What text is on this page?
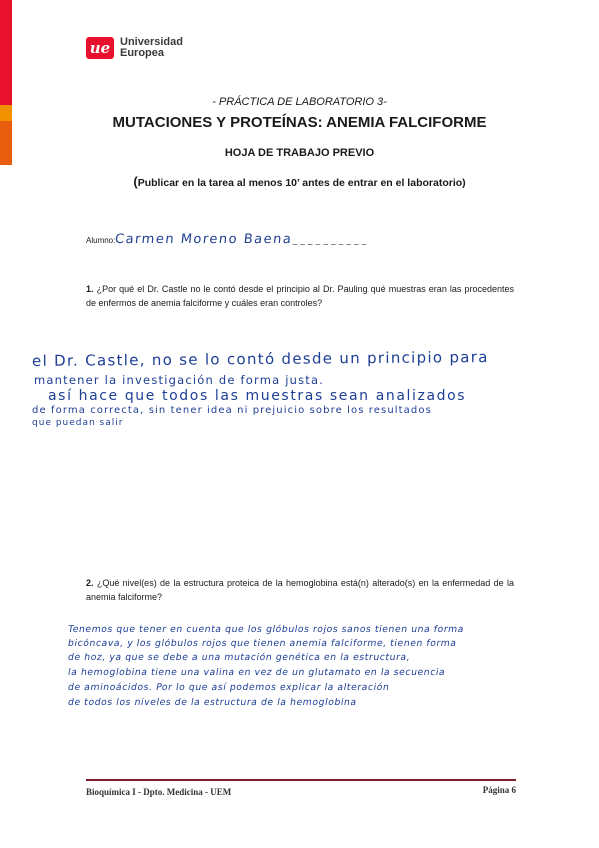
ue Universidad
Europea
- PRÁCTICA DE LABORATORIO 3-
MUTACIONES Y PROTEÍNAS: ANEMIA FALCIFORME
HOJA DE TRABAJO PREVIO
(Publicar en la tarea al menos 10’ antes de entrar en el laboratorio)
Alumno: Carmen Moreno Baena _ _ _ _ _ _ _ _ _ _
1. ¿Por qué el Dr. Castle no le contó desde el principio al Dr. Pauling qué muestras eran las procedentes de enfermos de anemia falciforme y cuáles eran controles?
el Dr. Castle, no se lo contó desde un principio para
mantener la investigación de forma justa.
así hace que todos las muestras sean analizados
de forma correcta, sin tener idea ni prejuicio sobre los resultados
que puedan salir
2. ¿Qué nivel(es) de la estructura proteica de la hemoglobina está(n) alterado(s) en la enfermedad de la anemia falciforme?
Tenemos que tener en cuenta que los glóbulos rojos sanos tienen una forma
bicóncava, y los glóbulos rojos que tienen anemia falciforme, tienen forma
de hoz, ya que se debe a una mutación genética en la estructura,
la hemoglobina tiene una valina en vez de un glutamato en la secuencia
de aminoácidos. Por lo que así podemos explicar la alteración
de todos los niveles de la estructura de la hemoglobina
Bioquímica I - Dpto. Medicina - UEM	Página 6
